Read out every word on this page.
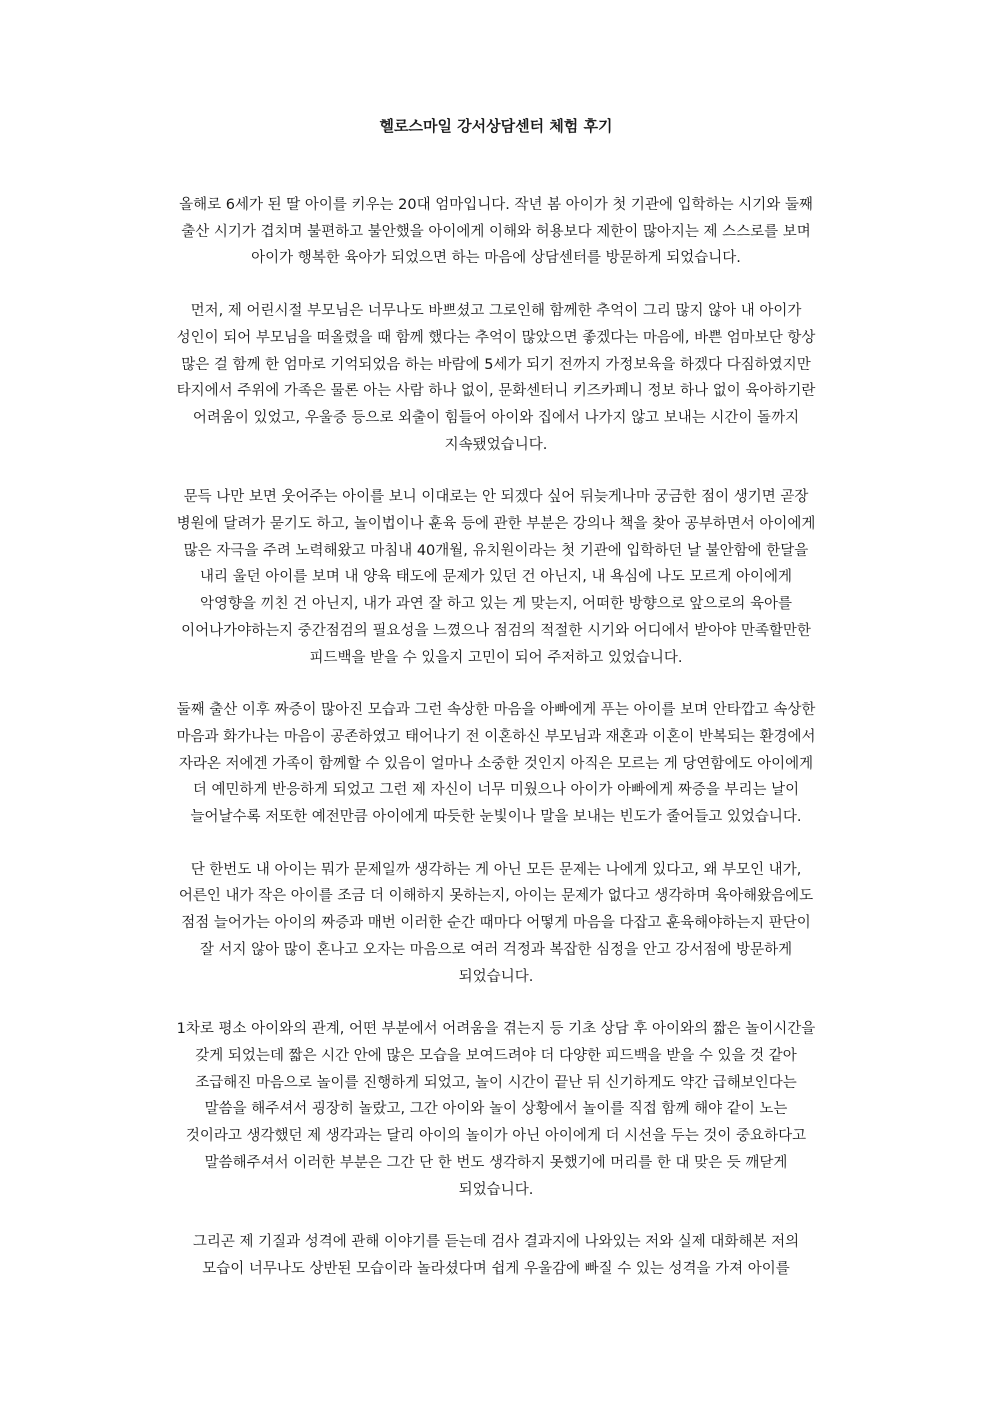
헬로스마일 강서상담센터 체험 후기

올해로 6세가 된 딸 아이를 키우는 20대 엄마입니다. 작년 봄 아이가 첫 기관에 입학하는 시기와 둘째
출산 시기가 겹치며 불편하고 불안했을 아이에게 이해와 허용보다 제한이 많아지는 제 스스로를 보며
아이가 행복한 육아가 되었으면 하는 마음에 상담센터를 방문하게 되었습니다.

먼저, 제 어린시절 부모님은 너무나도 바쁘셨고 그로인해 함께한 추억이 그리 많지 않아 내 아이가
성인이 되어 부모님을 떠올렸을 때 함께 했다는 추억이 많았으면 좋겠다는 마음에, 바쁜 엄마보단 항상
많은 걸 함께 한 엄마로 기억되었음 하는 바람에 5세가 되기 전까지 가정보육을 하겠다 다짐하였지만
타지에서 주위에 가족은 물론 아는 사람 하나 없이, 문화센터니 키즈카페니 정보 하나 없이 육아하기란
어려움이 있었고, 우울증 등으로 외출이 힘들어 아이와 집에서 나가지 않고 보내는 시간이 돌까지
지속됐었습니다.

문득 나만 보면 웃어주는 아이를 보니 이대로는 안 되겠다 싶어 뒤늦게나마 궁금한 점이 생기면 곧장
병원에 달려가 묻기도 하고, 놀이법이나 훈육 등에 관한 부분은 강의나 책을 찾아 공부하면서 아이에게
많은 자극을 주려 노력해왔고 마침내 40개월, 유치원이라는 첫 기관에 입학하던 날 불안함에 한달을
내리 울던 아이를 보며 내 양육 태도에 문제가 있던 건 아닌지, 내 욕심에 나도 모르게 아이에게
악영향을 끼친 건 아닌지, 내가 과연 잘 하고 있는 게 맞는지, 어떠한 방향으로 앞으로의 육아를
이어나가야하는지 중간점검의 필요성을 느꼈으나 점검의 적절한 시기와 어디에서 받아야 만족할만한
피드백을 받을 수 있을지 고민이 되어 주저하고 있었습니다.

둘째 출산 이후 짜증이 많아진 모습과 그런 속상한 마음을 아빠에게 푸는 아이를 보며 안타깝고 속상한
마음과 화가나는 마음이 공존하였고 태어나기 전 이혼하신 부모님과 재혼과 이혼이 반복되는 환경에서
자라온 저에겐 가족이 함께할 수 있음이 얼마나 소중한 것인지 아직은 모르는 게 당연함에도 아이에게
더 예민하게 반응하게 되었고 그런 제 자신이 너무 미웠으나 아이가 아빠에게 짜증을 부리는 날이
늘어날수록 저또한 예전만큼 아이에게 따듯한 눈빛이나 말을 보내는 빈도가 줄어들고 있었습니다.

단 한번도 내 아이는 뭐가 문제일까 생각하는 게 아닌 모든 문제는 나에게 있다고, 왜 부모인 내가,
어른인 내가 작은 아이를 조금 더 이해하지 못하는지, 아이는 문제가 없다고 생각하며 육아해왔음에도
점점 늘어가는 아이의 짜증과 매번 이러한 순간 때마다 어떻게 마음을 다잡고 훈육해야하는지 판단이
잘 서지 않아 많이 혼나고 오자는 마음으로 여러 걱정과 복잡한 심정을 안고 강서점에 방문하게
되었습니다.

1차로 평소 아이와의 관계, 어떤 부분에서 어려움을 겪는지 등 기초 상담 후 아이와의 짧은 놀이시간을
갖게 되었는데 짧은 시간 안에 많은 모습을 보여드려야 더 다양한 피드백을 받을 수 있을 것 같아
조급해진 마음으로 놀이를 진행하게 되었고, 놀이 시간이 끝난 뒤 신기하게도 약간 급해보인다는
말씀을 해주셔서 굉장히 놀랐고, 그간 아이와 놀이 상황에서 놀이를 직접 함께 해야 같이 노는
것이라고 생각했던 제 생각과는 달리 아이의 놀이가 아닌 아이에게 더 시선을 두는 것이 중요하다고
말씀해주셔서 이러한 부분은 그간 단 한 번도 생각하지 못했기에 머리를 한 대 맞은 듯 깨닫게
되었습니다.

그리곤 제 기질과 성격에 관해 이야기를 듣는데 검사 결과지에 나와있는 저와 실제 대화해본 저의
모습이 너무나도 상반된 모습이라 놀라셨다며 쉽게 우울감에 빠질 수 있는 성격을 가져 아이를
